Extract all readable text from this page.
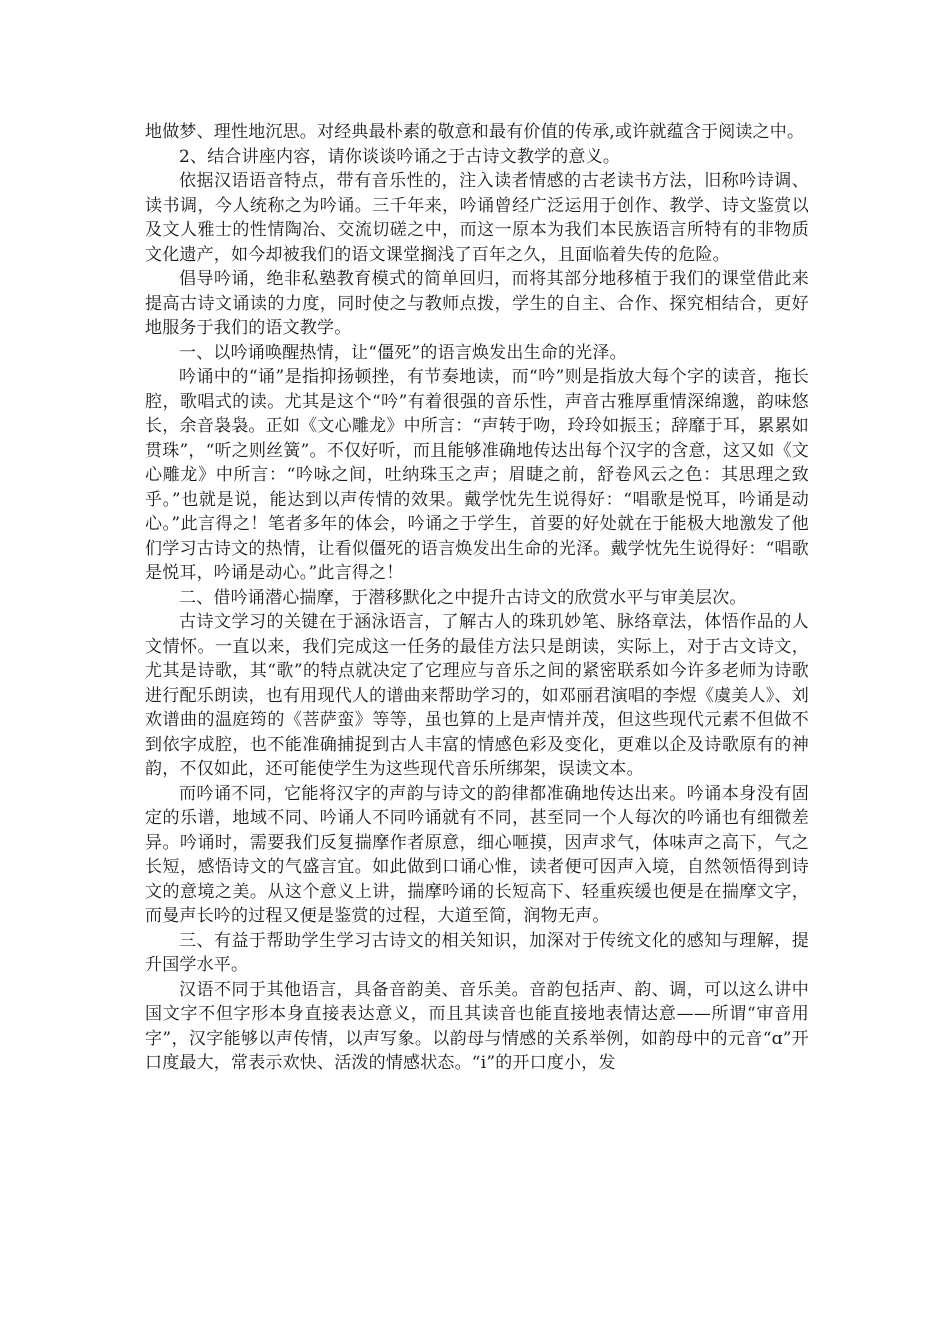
地做梦、理性地沉思。对经典最朴素的敬意和最有价值的传承,或许就蕴含于阅读之中。

2、结合讲座内容，请你谈谈吟诵之于古诗文教学的意义。

依据汉语语音特点，带有音乐性的，注入读者情感的古老读书方法，旧称吟诗调、读书调，今人统称之为吟诵。三千年来，吟诵曾经广泛运用于创作、教学、诗文鉴赏以及文人雅士的性情陶冶、交流切磋之中，而这一原本为我们本民族语言所特有的非物质文化遗产，如今却被我们的语文课堂搁浅了百年之久，且面临着失传的危险。

倡导吟诵，绝非私塾教育模式的简单回归，而将其部分地移植于我们的课堂借此来提高古诗文诵读的力度，同时使之与教师点拨，学生的自主、合作、探究相结合，更好地服务于我们的语文教学。

一、以吟诵唤醒热情，让“僵死”的语言焕发出生命的光泽。

吟诵中的“诵”是指抑扬顿挫，有节奏地读，而“吟”则是指放大每个字的读音，拖长腔，歌唱式的读。尤其是这个“吟”有着很强的音乐性，声音古雅厚重情深绵邈，韵味悠长，余音袅袅。正如《文心雕龙》中所言：“声转于吻，玲玲如振玉；辞靡于耳，累累如贯珠”，“听之则丝簧”。不仅好听，而且能够准确地传达出每个汉字的含意，这又如《文心雕龙》中所言：“吟咏之间，吐纳珠玉之声；眉睫之前，舒卷风云之色：其思理之致乎。”也就是说，能达到以声传情的效果。戴学忱先生说得好：“唱歌是悦耳，吟诵是动心。”此言得之！笔者多年的体会，吟诵之于学生，首要的好处就在于能极大地激发了他们学习古诗文的热情，让看似僵死的语言焕发出生命的光泽。戴学忱先生说得好：“唱歌是悦耳，吟诵是动心。”此言得之！

二、借吟诵潜心揣摩，于潜移默化之中提升古诗文的欣赏水平与审美层次。

古诗文学习的关键在于涵泳语言，了解古人的珠玑妙笔、脉络章法，体悟作品的人文情怀。一直以来，我们完成这一任务的最佳方法只是朗读，实际上，对于古文诗文，尤其是诗歌，其“歌”的特点就决定了它理应与音乐之间的紧密联系如今许多老师为诗歌进行配乐朗读，也有用现代人的谱曲来帮助学习的，如邓丽君演唱的李煜《虞美人》、刘欢谱曲的温庭筠的《菩萨蛮》等等，虽也算的上是声情并茂，但这些现代元素不但做不到依字成腔，也不能准确捕捉到古人丰富的情感色彩及变化，更难以企及诗歌原有的神韵，不仅如此，还可能使学生为这些现代音乐所绑架，误读文本。

而吟诵不同，它能将汉字的声韵与诗文的韵律都准确地传达出来。吟诵本身没有固定的乐谱，地域不同、吟诵人不同吟诵就有不同，甚至同一个人每次的吟诵也有细微差异。吟诵时，需要我们反复揣摩作者原意，细心咂摸，因声求气，体味声之高下，气之长短，感悟诗文的气盛言宜。如此做到口诵心惟，读者便可因声入境，自然领悟得到诗文的意境之美。从这个意义上讲，揣摩吟诵的长短高下、轻重疾缓也便是在揣摩文字，而曼声长吟的过程又便是鉴赏的过程，大道至简，润物无声。

三、有益于帮助学生学习古诗文的相关知识，加深对于传统文化的感知与理解，提升国学水平。

汉语不同于其他语言，具备音韵美、音乐美。音韵包括声、韵、调，可以这么讲中国文字不但字形本身直接表达意义，而且其读音也能直接地表情达意——所谓“审音用字”，汉字能够以声传情，以声写象。以韵母与情感的关系举例，如韵母中的元音“ɑ”开口度最大，常表示欢快、活泼的情感状态。“i”的开口度小，发
